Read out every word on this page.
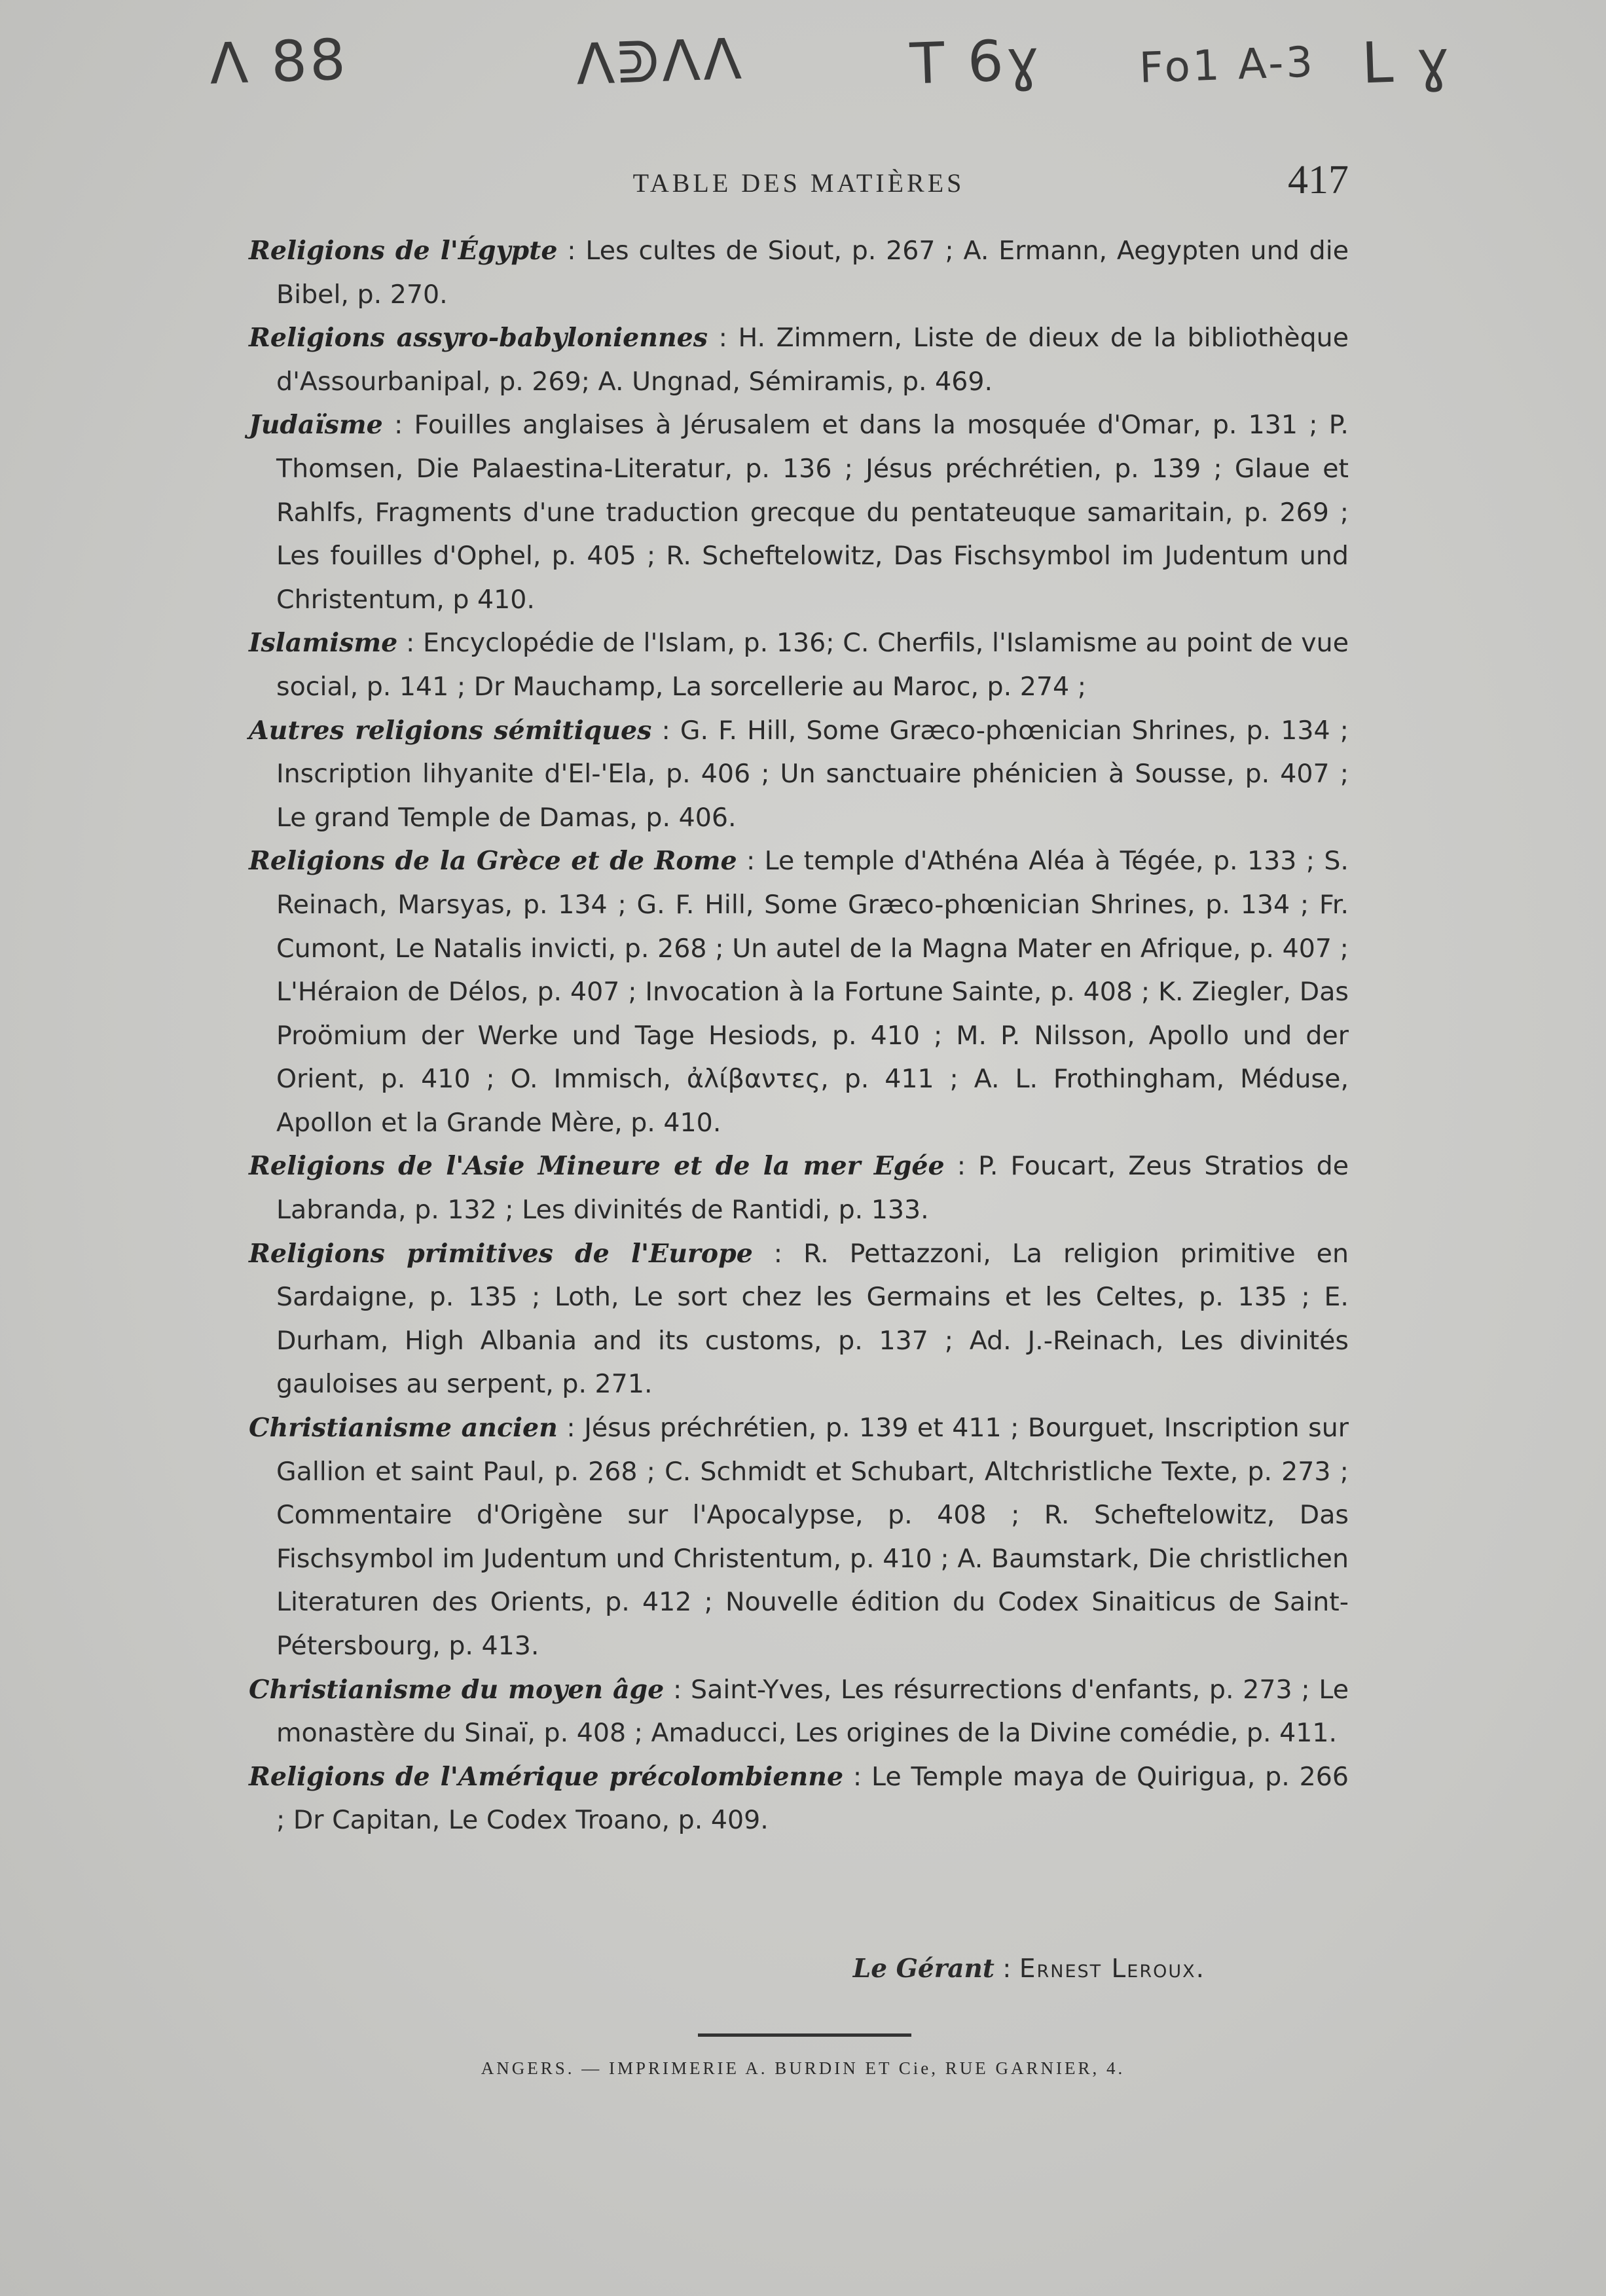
ᐱ 88	ᐱᕲᐱᐱ	T 6ɣ Fo1 A-3 L ɣ
TABLE DES MATIÈRES	417

Religions de l'Égypte : Les cultes de Siout, p. 267 ; A. Ermann, Aegypten und die Bibel, p. 270.

Religions assyro-babyloniennes : H. Zimmern, Liste de dieux de la bibliothèque d'Assourbanipal, p. 269; A. Ungnad, Sémiramis, p. 469.

Judaïsme : Fouilles anglaises à Jérusalem et dans la mosquée d'Omar, p. 131 ; P. Thomsen, Die Palaestina-Literatur, p. 136 ; Jésus préchrétien, p. 139 ; Glaue et Rahlfs, Fragments d'une traduction grecque du pentateuque samaritain, p. 269 ; Les fouilles d'Ophel, p. 405 ; R. Scheftelowitz, Das Fischsymbol im Judentum und Christentum, p 410.

Islamisme : Encyclopédie de l'Islam, p. 136; C. Cherfils, l'Islamisme au point de vue social, p. 141 ; Dr Mauchamp, La sorcellerie au Maroc, p. 274 ;

Autres religions sémitiques : G. F. Hill, Some Græco-phœnician Shrines, p. 134 ; Inscription lihyanite d'El-'Ela, p. 406 ; Un sanctuaire phénicien à Sousse, p. 407 ; Le grand Temple de Damas, p. 406.

Religions de la Grèce et de Rome : Le temple d'Athéna Aléa à Tégée, p. 133 ; S. Reinach, Marsyas, p. 134 ; G. F. Hill, Some Græco-phœnician Shrines, p. 134 ; Fr. Cumont, Le Natalis invicti, p. 268 ; Un autel de la Magna Mater en Afrique, p. 407 ; L'Héraion de Délos, p. 407 ; Invocation à la Fortune Sainte, p. 408 ; K. Ziegler, Das Proömium der Werke und Tage Hesiods, p. 410 ; M. P. Nilsson, Apollo und der Orient, p. 410 ; O. Immisch, ἀλίβαντες, p. 411 ; A. L. Frothingham, Méduse, Apollon et la Grande Mère, p. 410.

Religions de l'Asie Mineure et de la mer Egée : P. Foucart, Zeus Stratios de Labranda, p. 132 ; Les divinités de Rantidi, p. 133.

Religions primitives de l'Europe : R. Pettazzoni, La religion primitive en Sardaigne, p. 135 ; Loth, Le sort chez les Germains et les Celtes, p. 135 ; E. Durham, High Albania and its customs, p. 137 ; Ad. J.-Reinach, Les divinités gauloises au serpent, p. 271.

Christianisme ancien : Jésus préchrétien, p. 139 et 411 ; Bourguet, Inscription sur Gallion et saint Paul, p. 268 ; C. Schmidt et Schubart, Altchristliche Texte, p. 273 ; Commentaire d'Origène sur l'Apocalypse, p. 408 ; R. Scheftelowitz, Das Fischsymbol im Judentum und Christentum, p. 410 ; A. Baumstark, Die christlichen Literaturen des Orients, p. 412 ; Nouvelle édition du Codex Sinaiticus de Saint-Pétersbourg, p. 413.

Christianisme du moyen âge : Saint-Yves, Les résurrections d'enfants, p. 273 ; Le monastère du Sinaï, p. 408 ; Amaducci, Les origines de la Divine comédie, p. 411.

Religions de l'Amérique précolombienne : Le Temple maya de Quirigua, p. 266 ; Dr Capitan, Le Codex Troano, p. 409.

Le Gérant : Ernest Leroux.
ANGERS. — IMPRIMERIE A. BURDIN ET Cie, RUE GARNIER, 4.
